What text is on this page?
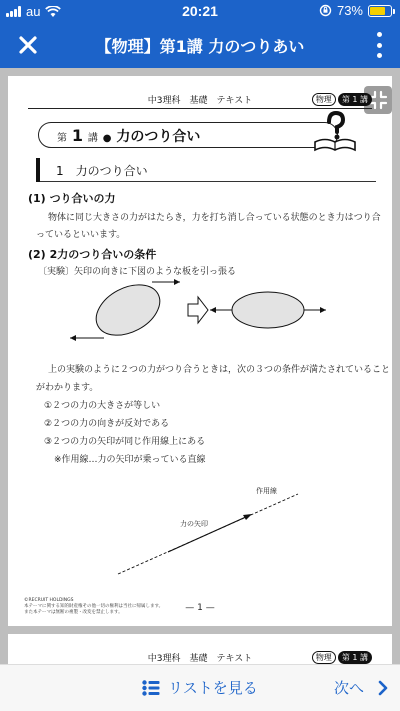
au	20:21	73%
【物理】第1講 力のつりあい
中3理科　基礎　テキスト	物理	第 1 講
第 1 講 ● 力のつり合い
1　力のつり合い
(1) つり合いの力
物体に同じ大きさの力がはたらき，力を打ち消し合っている状態のとき力はつり合
っているといいます。
(2) 2力のつり合いの条件
〔実験〕矢印の向きに下図のような板を引っ張る
上の実験のように２つの力がつり合うときは，次の３つの条件が満たされていること
がわかります。
①２つの力の大きさが等しい
②２つの力の向きが反対である
③２つの力の矢印が同じ作用線上にある
※作用線…力の矢印が乗っている直線
作用線
力の矢印
©RECRUIT HOLDINGS
本テーマに関する知的財産権その他一切の権利は当社に帰属します。
また本テーマは無断の複製・改変を禁止します。	— 1 —
中3理科　基礎　テキスト	物理	第 1 講
リストを見る	次へ
